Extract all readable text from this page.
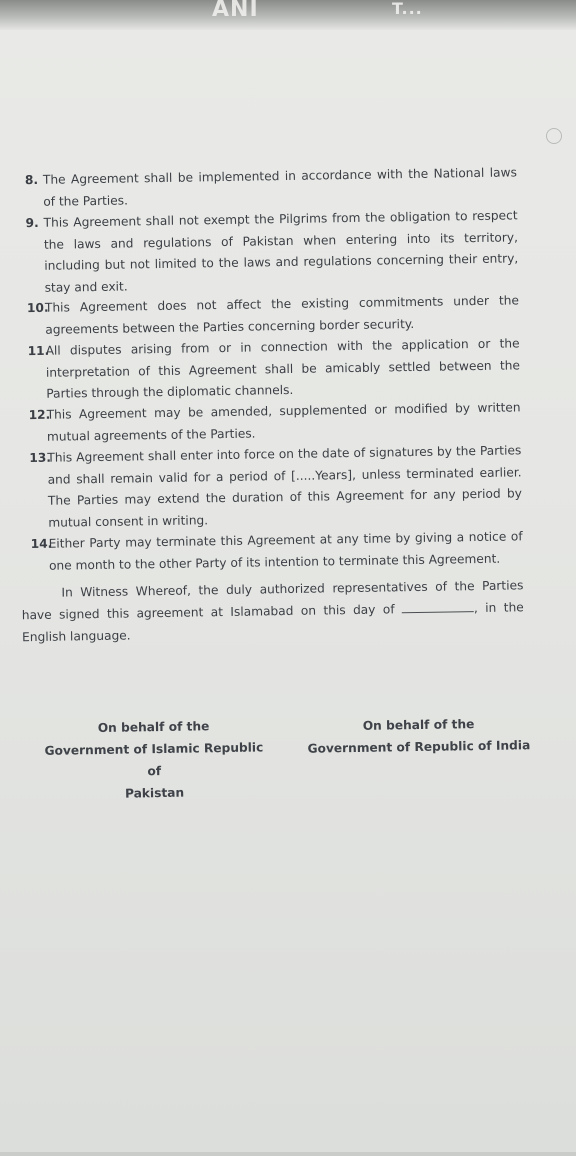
ANI	T...
8. The Agreement shall be implemented in accordance with the National laws of the Parties.
9. This Agreement shall not exempt the Pilgrims from the obligation to respect the laws and regulations of Pakistan when entering into its territory, including but not limited to the laws and regulations concerning their entry, stay and exit.
10.
This Agreement does not affect the existing commitments under the agreements between the Parties concerning border security.
11.
All disputes arising from or in connection with the application or the interpretation of this Agreement shall be amicably settled between the Parties through the diplomatic channels.
12.
This Agreement may be amended, supplemented or modified by written mutual agreements of the Parties.
13.
This Agreement shall enter into force on the date of signatures by the Parties and shall remain valid for a period of [.....Years], unless terminated earlier. The Parties may extend the duration of this Agreement for any period by mutual consent in writing.
14.
Either Party may terminate this Agreement at any time by giving a notice of one month to the other Party of its intention to terminate this Agreement.
In Witness Whereof, the duly authorized representatives of the Parties have signed this agreement at Islamabad on this day of	, in the English language.
On behalf of the
Government of Islamic Republic of
Pakistan
On behalf of the
Government of Republic of India
